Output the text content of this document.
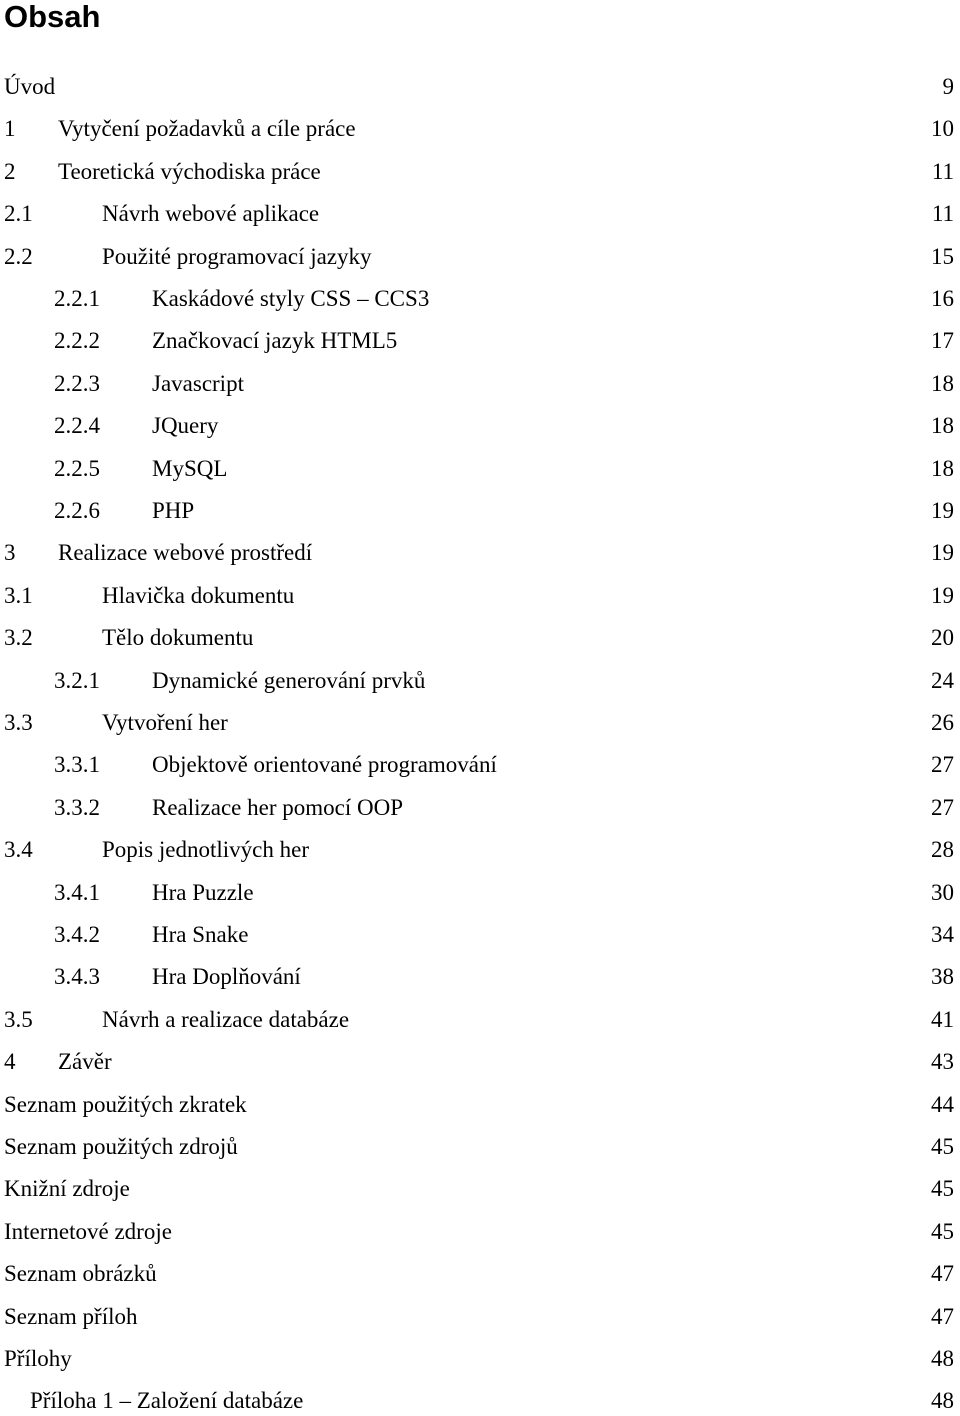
Obsah
Úvod	9
1	Vytyčení požadavků a cíle práce	10
2	Teoretická východiska práce	11
2.1	Návrh webové aplikace	11
2.2	Použité programovací jazyky	15
2.2.1	Kaskádové styly CSS – CCS3	16
2.2.2	Značkovací jazyk HTML5	17
2.2.3	Javascript	18
2.2.4	JQuery	18
2.2.5	MySQL	18
2.2.6	PHP	19
3	Realizace webové prostředí	19
3.1	Hlavička dokumentu	19
3.2	Tělo dokumentu	20
3.2.1	Dynamické generování prvků	24
3.3	Vytvoření her	26
3.3.1	Objektově orientované programování	27
3.3.2	Realizace her pomocí OOP	27
3.4	Popis jednotlivých her	28
3.4.1	Hra Puzzle	30
3.4.2	Hra Snake	34
3.4.3	Hra Doplňování	38
3.5	Návrh a realizace databáze	41
4	Závěr	43
Seznam použitých zkratek	44
Seznam použitých zdrojů	45
Knižní zdroje	45
Internetové zdroje	45
Seznam obrázků	47
Seznam příloh	47
Přílohy	48
Příloha 1 – Založení databáze	48
